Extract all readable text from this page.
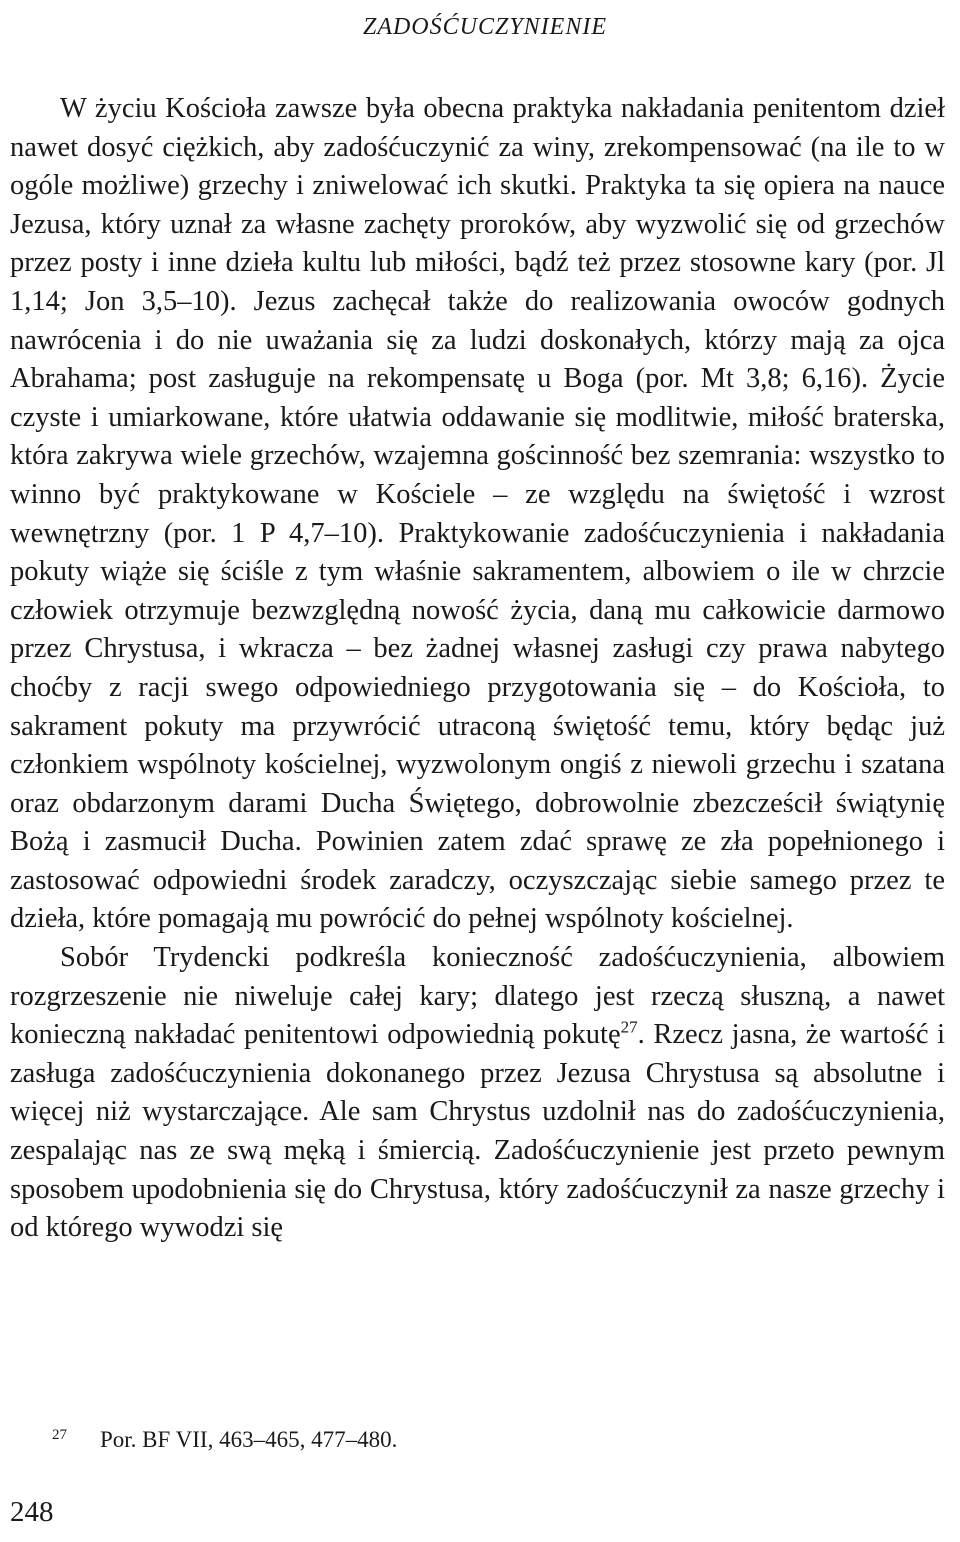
ZADOŚĆUCZYNIENIE

W życiu Kościoła zawsze była obecna praktyka nakładania penitentom dzieł nawet dosyć ciężkich, aby zadośćuczynić za winy, zrekompensować (na ile to w ogóle możliwe) grzechy i zniwelować ich skutki. Praktyka ta się opiera na nauce Jezusa, który uznał za własne zachęty proroków, aby wyzwolić się od grzechów przez posty i inne dzieła kultu lub miłości, bądź też przez stosowne kary (por. Jl 1,14; Jon 3,5–10). Jezus zachęcał także do realizowania owoców godnych nawrócenia i do nie uważania się za ludzi doskonałych, którzy mają za ojca Abrahama; post zasługuje na rekompensatę u Boga (por. Mt 3,8; 6,16). Życie czyste i umiarkowane, które ułatwia oddawanie się modlitwie, miłość braterska, która zakrywa wiele grzechów, wzajemna gościnność bez szemrania: wszystko to winno być praktykowane w Kościele – ze względu na świętość i wzrost wewnętrzny (por. 1 P 4,7–10). Praktykowanie zadośćuczynienia i nakładania pokuty wiąże się ściśle z tym właśnie sakramentem, albowiem o ile w chrzcie człowiek otrzymuje bezwzględną nowość życia, daną mu całkowicie darmowo przez Chrystusa, i wkracza – bez żadnej własnej zasługi czy prawa nabytego choćby z racji swego odpowiedniego przygotowania się – do Kościoła, to sakrament pokuty ma przywrócić utraconą świętość temu, który będąc już członkiem wspólnoty kościelnej, wyzwolonym ongiś z niewoli grzechu i szatana oraz obdarzonym darami Ducha Świętego, dobrowolnie zbezcześcił świątynię Bożą i zasmucił Ducha. Powinien zatem zdać sprawę ze zła popełnionego i zastosować odpowiedni środek zaradczy, oczyszczając siebie samego przez te dzieła, które pomagają mu powrócić do pełnej wspólnoty kościelnej.

Sobór Trydencki podkreśla konieczność zadośćuczynienia, albowiem rozgrzeszenie nie niweluje całej kary; dlatego jest rzeczą słuszną, a nawet konieczną nakładać penitentowi odpowiednią pokutę$^{27}$. Rzecz jasna, że wartość i zasługa zadośćuczynienia dokonanego przez Jezusa Chrystusa są absolutne i więcej niż wystarczające. Ale sam Chrystus uzdolnił nas do zadośćuczynienia, zespalając nas ze swą męką i śmiercią. Zadośćuczynienie jest przeto pewnym sposobem upodobnienia się do Chrystusa, który zadośćuczynił za nasze grzechy i od którego wywodzi się

27 Por. BF VII, 463–465, 477–480.
248
